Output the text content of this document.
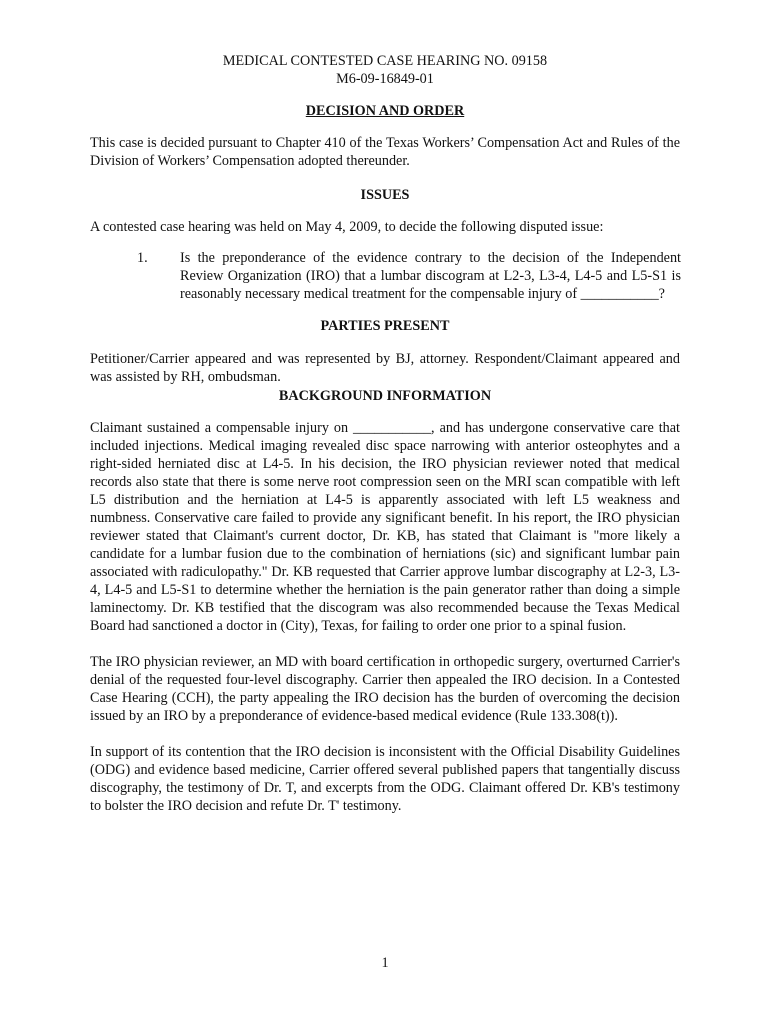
MEDICAL CONTESTED CASE HEARING NO. 09158

M6-09-16849-01

DECISION AND ORDER

This case is decided pursuant to Chapter 410 of the Texas Workers’ Compensation Act and Rules of the Division of Workers’ Compensation adopted thereunder.

ISSUES

A contested case hearing was held on May 4, 2009, to decide the following disputed issue:

1.	Is the preponderance of the evidence contrary to the decision of the Independent Review Organization (IRO) that a lumbar discogram at L2-3, L3-4, L4-5 and L5-S1 is reasonably necessary medical treatment for the compensable injury of ___________?

PARTIES PRESENT

Petitioner/Carrier appeared and was represented by BJ, attorney. Respondent/Claimant appeared and was assisted by RH, ombudsman.

BACKGROUND INFORMATION

Claimant sustained a compensable injury on ___________, and has undergone conservative care that included injections. Medical imaging revealed disc space narrowing with anterior osteophytes and a right-sided herniated disc at L4-5. In his decision, the IRO physician reviewer noted that medical records also state that there is some nerve root compression seen on the MRI scan compatible with left L5 distribution and the herniation at L4-5 is apparently associated with left L5 weakness and numbness. Conservative care failed to provide any significant benefit. In his report, the IRO physician reviewer stated that Claimant's current doctor, Dr. KB, has stated that Claimant is "more likely a candidate for a lumbar fusion due to the combination of herniations (sic) and significant lumbar pain associated with radiculopathy." Dr. KB requested that Carrier approve lumbar discography at L2-3, L3-4, L4-5 and L5-S1 to determine whether the herniation is the pain generator rather than doing a simple laminectomy. Dr. KB testified that the discogram was also recommended because the Texas Medical Board had sanctioned a doctor in (City), Texas, for failing to order one prior to a spinal fusion.

The IRO physician reviewer, an MD with board certification in orthopedic surgery, overturned Carrier's denial of the requested four-level discography. Carrier then appealed the IRO decision. In a Contested Case Hearing (CCH), the party appealing the IRO decision has the burden of overcoming the decision issued by an IRO by a preponderance of evidence-based medical evidence (Rule 133.308(t)).

In support of its contention that the IRO decision is inconsistent with the Official Disability Guidelines (ODG) and evidence based medicine, Carrier offered several published papers that tangentially discuss discography, the testimony of Dr. T, and excerpts from the ODG. Claimant offered Dr. KB's testimony to bolster the IRO decision and refute Dr. T' testimony.

1
